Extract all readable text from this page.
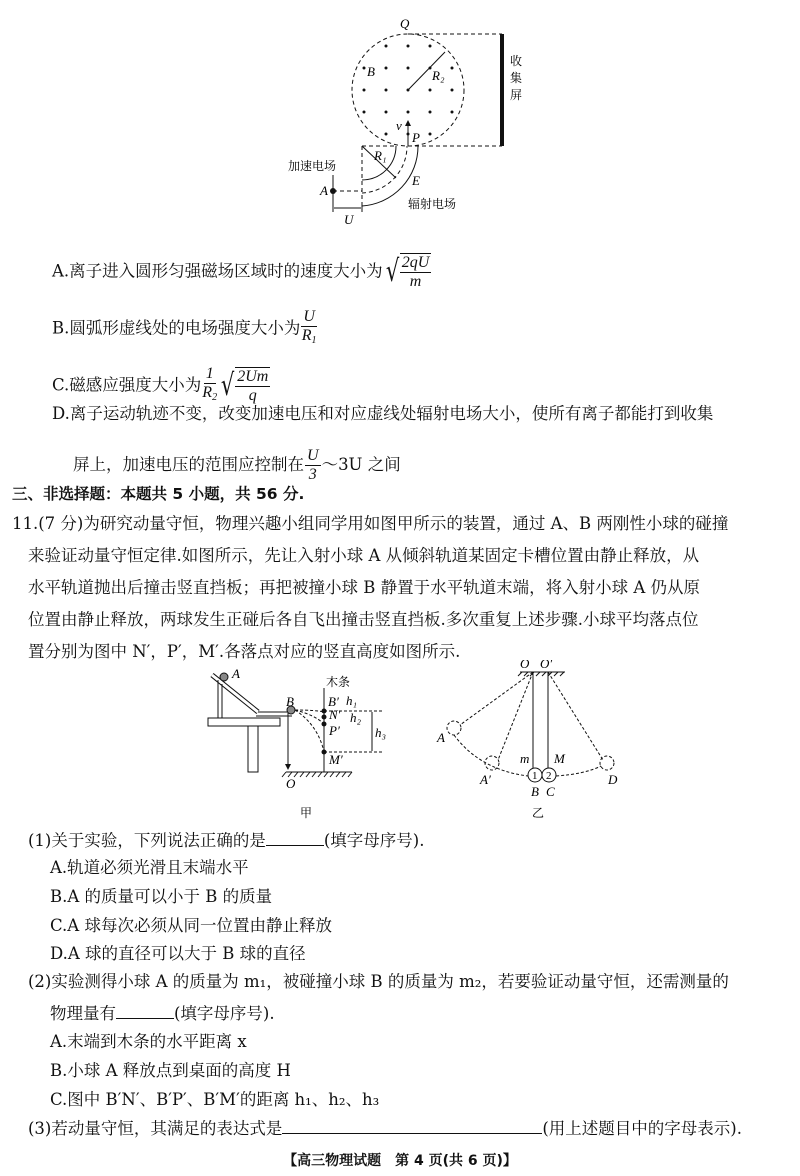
Q
B	R₂
收
集
屏
v
P
R₁
加速电场
A
E
辐射电场
U
A.离子进入圆形匀强磁场区域时的速度大小为 √ $\frac{2qU}{m}$
B.圆弧形虚线处的电场强度大小为 $\frac{U}{R_1}$
C.磁感应强度大小为 $\frac{1}{R_2}$ √ $\frac{2Um}{q}$
D.离子运动轨迹不变，改变加速电压和对应虚线处辐射电场大小，使所有离子都能打到收集
屏上，加速电压的范围应控制在 $\frac{U}{3}$ ～3U 之间
三、非选择题：本题共 5 小题，共 56 分.
11.(7 分)为研究动量守恒，物理兴趣小组同学用如图甲所示的装置，通过 A、B 两刚性小球的碰撞
来验证动量守恒定律.如图所示，先让入射小球 A 从倾斜轨道某固定卡槽位置由静止释放，从
水平轨道抛出后撞击竖直挡板；再把被撞小球 B 静置于水平轨道末端，将入射小球 A 仍从原
位置由静止释放，两球发生正碰后各自飞出撞击竖直挡板.多次重复上述步骤.小球平均落点位
置分别为图中 N′，P′，M′.各落点对应的竖直高度如图所示.
A
B
木条
B′
N′
P′
M′
h₁
h₂
h₃
O
甲
O O′
A
A′
m M
1 2
B C
D
乙
(1)关于实验，下列说法正确的是	(填字母序号).
A.轨道必须光滑且末端水平
B.A 的质量可以小于 B 的质量
C.A 球每次必须从同一位置由静止释放
D.A 球的直径可以大于 B 球的直径
(2)实验测得小球 A 的质量为 m₁，被碰撞小球 B 的质量为 m₂，若要验证动量守恒，还需测量的
物理量有	(填字母序号).
A.末端到木条的水平距离 x
B.小球 A 释放点到桌面的高度 H
C.图中 B′N′、B′P′、B′M′的距离 h₁、h₂、h₃
(3)若动量守恒，其满足的表达式是	(用上述题目中的字母表示).
【高三物理试题　第 4 页(共 6 页)】
